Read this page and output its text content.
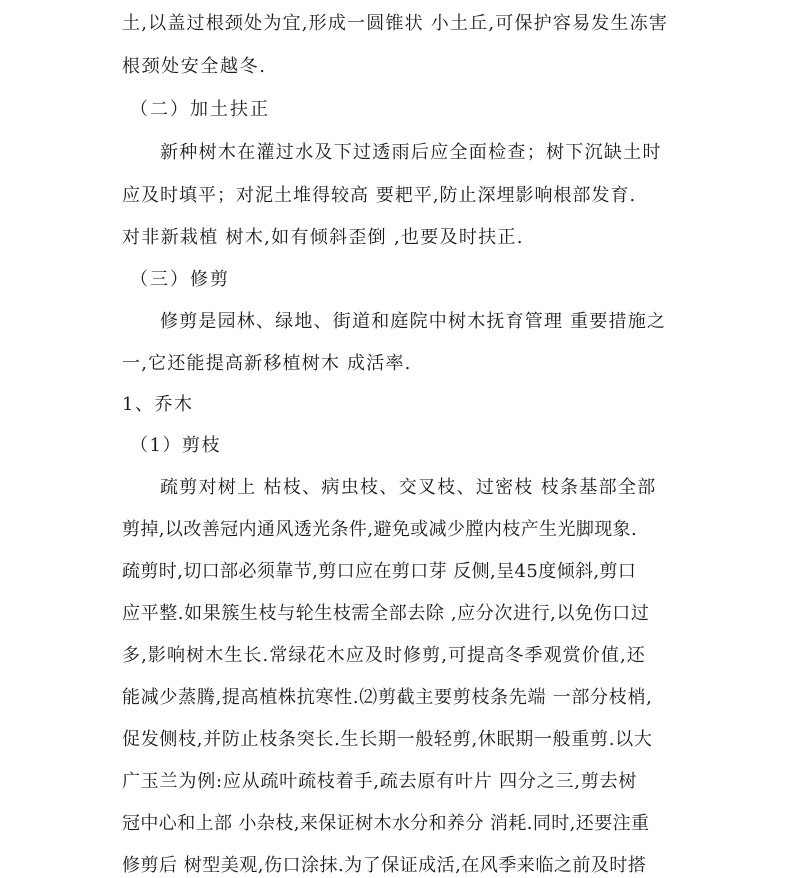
土,以盖过根颈处为宜,形成一圆锥状 小土丘,可保护容易发生冻害
根颈处安全越冬.
（二）加土扶正
新种树木在灌过水及下过透雨后应全面检查；树下沉缺土时
应及时填平；对泥土堆得较高 要耙平,防止深埋影响根部发育.
对非新栽植 树木,如有倾斜歪倒 ,也要及时扶正.
（三）修剪
修剪是园林、绿地、街道和庭院中树木抚育管理 重要措施之
一,它还能提高新移植树木 成活率.
1、乔木
（1）剪枝
疏剪对树上 枯枝、病虫枝、交叉枝、过密枝 枝条基部全部
剪掉,以改善冠内通风透光条件,避免或减少膛内枝产生光脚现象.
疏剪时,切口部必须靠节,剪口应在剪口芽 反侧,呈45度倾斜,剪口
应平整.如果簇生枝与轮生枝需全部去除 ,应分次进行,以免伤口过
多,影响树木生长.常绿花木应及时修剪,可提高冬季观赏价值,还
能减少蒸腾,提高植株抗寒性.⑵剪截主要剪枝条先端 一部分枝梢,
促发侧枝,并防止枝条突长.生长期一般轻剪,休眠期一般重剪.以大
广玉兰为例:应从疏叶疏枝着手,疏去原有叶片 四分之三,剪去树
冠中心和上部 小杂枝,来保证树木水分和养分 消耗.同时,还要注重
修剪后 树型美观,伤口涂抹.为了保证成活,在风季来临之前及时搭
